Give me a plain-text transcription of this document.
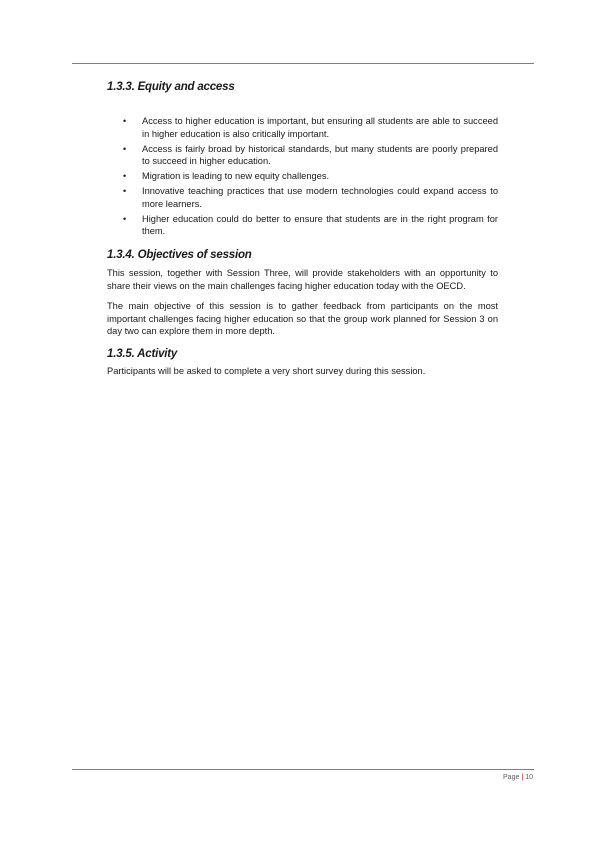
1.3.3. Equity and access
• Access to higher education is important, but ensuring all students are able to succeed in higher education is also critically important.
• Access is fairly broad by historical standards, but many students are poorly prepared to succeed in higher education.
• Migration is leading to new equity challenges.
• Innovative teaching practices that use modern technologies could expand access to more learners.
• Higher education could do better to ensure that students are in the right program for them.
1.3.4. Objectives of session

This session, together with Session Three, will provide stakeholders with an opportunity to share their views on the main challenges facing higher education today with the OECD.

The main objective of this session is to gather feedback from participants on the most important challenges facing higher education so that the group work planned for Session 3 on day two can explore them in more depth.

1.3.5. Activity

Participants will be asked to complete a very short survey during this session.

Page | 10
